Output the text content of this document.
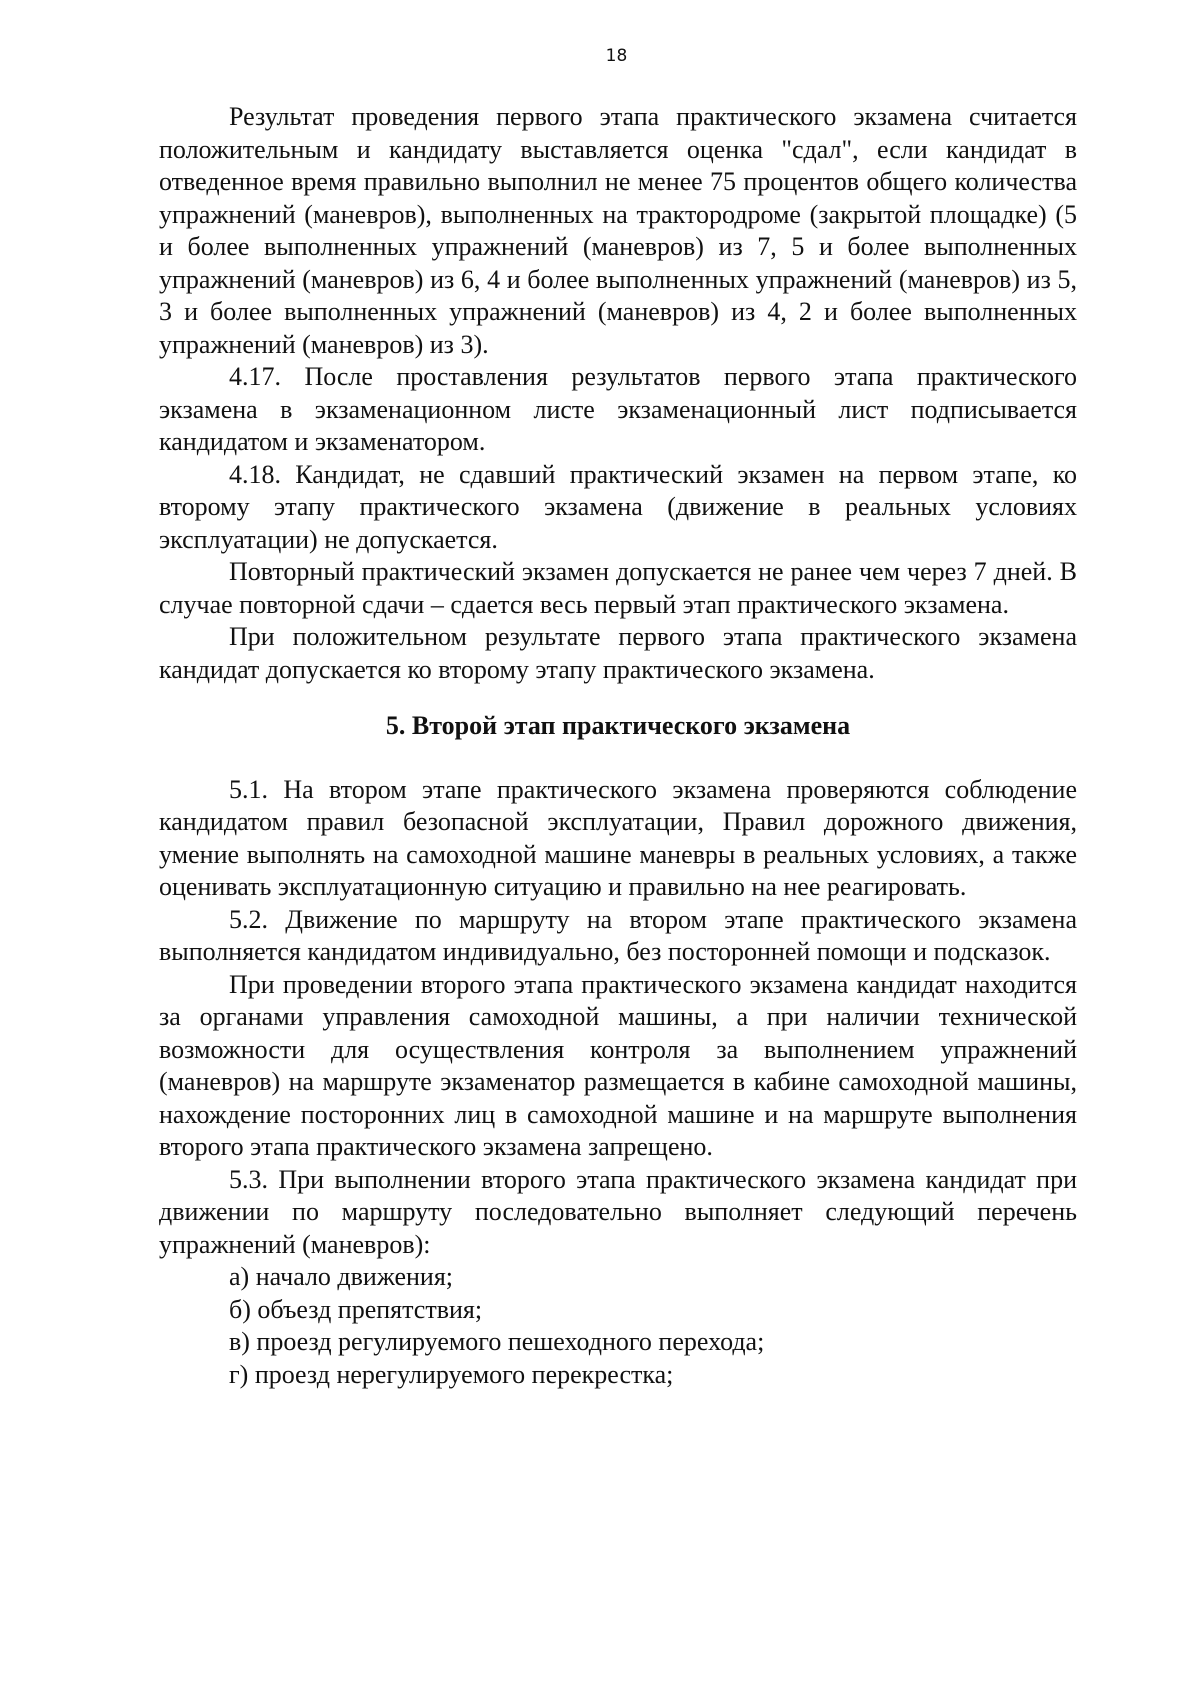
18

Результат проведения первого этапа практического экзамена считается положительным и кандидату выставляется оценка "сдал", если кандидат в отведенное время правильно выполнил не менее 75 процентов общего количества упражнений (маневров), выполненных на трактородроме (закрытой площадке) (5 и более выполненных упражнений (маневров) из 7, 5 и более выполненных упражнений (маневров) из 6, 4 и более выполненных упражнений (маневров) из 5, 3 и более выполненных упражнений (маневров) из 4, 2 и более выполненных упражнений (маневров) из 3).

4.17. После проставления результатов первого этапа практического экзамена в экзаменационном листе экзаменационный лист подписывается кандидатом и экзаменатором.

4.18. Кандидат, не сдавший практический экзамен на первом этапе, ко второму этапу практического экзамена (движение в реальных условиях эксплуатации) не допускается.

Повторный практический экзамен допускается не ранее чем через 7 дней. В случае повторной сдачи – сдается весь первый этап практического экзамена.

При положительном результате первого этапа практического экзамена кандидат допускается ко второму этапу практического экзамена.

5. Второй этап практического экзамена

5.1. На втором этапе практического экзамена проверяются соблюдение кандидатом правил безопасной эксплуатации, Правил дорожного движения, умение выполнять на самоходной машине маневры в реальных условиях, а также оценивать эксплуатационную ситуацию и правильно на нее реагировать.

5.2. Движение по маршруту на втором этапе практического экзамена выполняется кандидатом индивидуально, без посторонней помощи и подсказок.

При проведении второго этапа практического экзамена кандидат находится за органами управления самоходной машины, а при наличии технической возможности для осуществления контроля за выполнением упражнений (маневров) на маршруте экзаменатор размещается в кабине самоходной машины, нахождение посторонних лиц в самоходной машине и на маршруте выполнения второго этапа практического экзамена запрещено.

5.3. При выполнении второго этапа практического экзамена кандидат при движении по маршруту последовательно выполняет следующий перечень упражнений (маневров):

а) начало движения;
б) объезд препятствия;
в) проезд регулируемого пешеходного перехода;
г) проезд нерегулируемого перекрестка;
